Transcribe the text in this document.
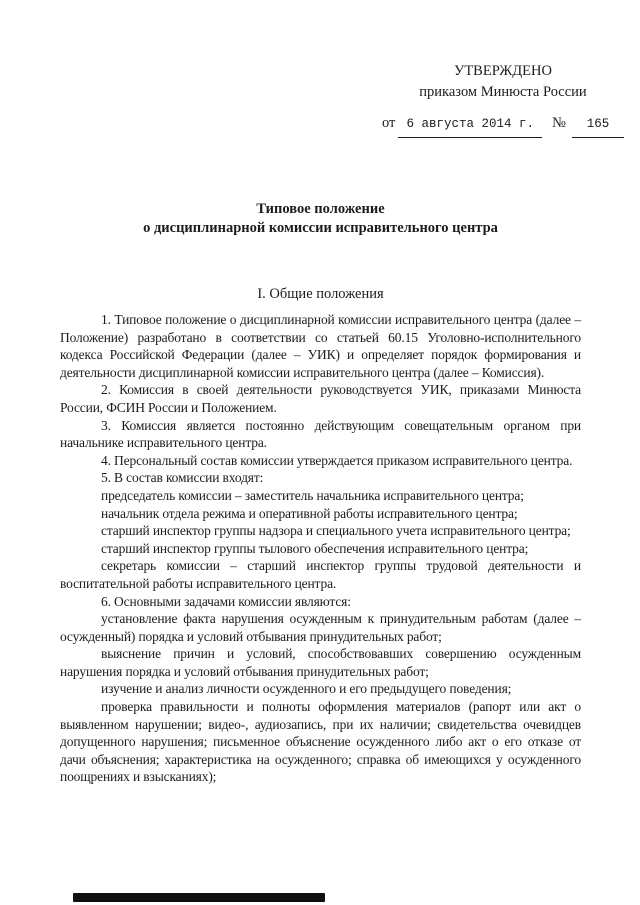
УТВЕРЖДЕНО
приказом Минюста России
от 6 августа 2014 г.	№	165
Типовое положение
о дисциплинарной комиссии исправительного центра
I. Общие положения

1. Типовое положение о дисциплинарной комиссии исправительного центра (далее – Положение) разработано в соответствии со статьей 60.15 Уголовно-исполнительного кодекса Российской Федерации (далее – УИК) и определяет порядок формирования и деятельности дисциплинарной комиссии исправительного центра (далее – Комиссия).

2. Комиссия в своей деятельности руководствуется УИК, приказами Минюста России, ФСИН России и Положением.

3. Комиссия является постоянно действующим совещательным органом при начальнике исправительного центра.

4. Персональный состав комиссии утверждается приказом исправительного центра.

5. В состав комиссии входят:

председатель комиссии – заместитель начальника исправительного центра;

начальник отдела режима и оперативной работы исправительного центра;

старший инспектор группы надзора и специального учета исправительного центра;

старший инспектор группы тылового обеспечения исправительного центра;

секретарь комиссии – старший инспектор группы трудовой деятельности и воспитательной работы исправительного центра.

6. Основными задачами комиссии являются:

установление факта нарушения осужденным к принудительным работам (далее – осужденный) порядка и условий отбывания принудительных работ;

выяснение причин и условий, способствовавших совершению осужденным нарушения порядка и условий отбывания принудительных работ;

изучение и анализ личности осужденного и его предыдущего поведения;

проверка правильности и полноты оформления материалов (рапорт или акт о выявленном нарушении; видео-, аудиозапись, при их наличии; свидетельства очевидцев допущенного нарушения; письменное объяснение осужденного либо акт о его отказе от дачи объяснения; характеристика на осужденного; справка об имеющихся у осужденного поощрениях и взысканиях);
